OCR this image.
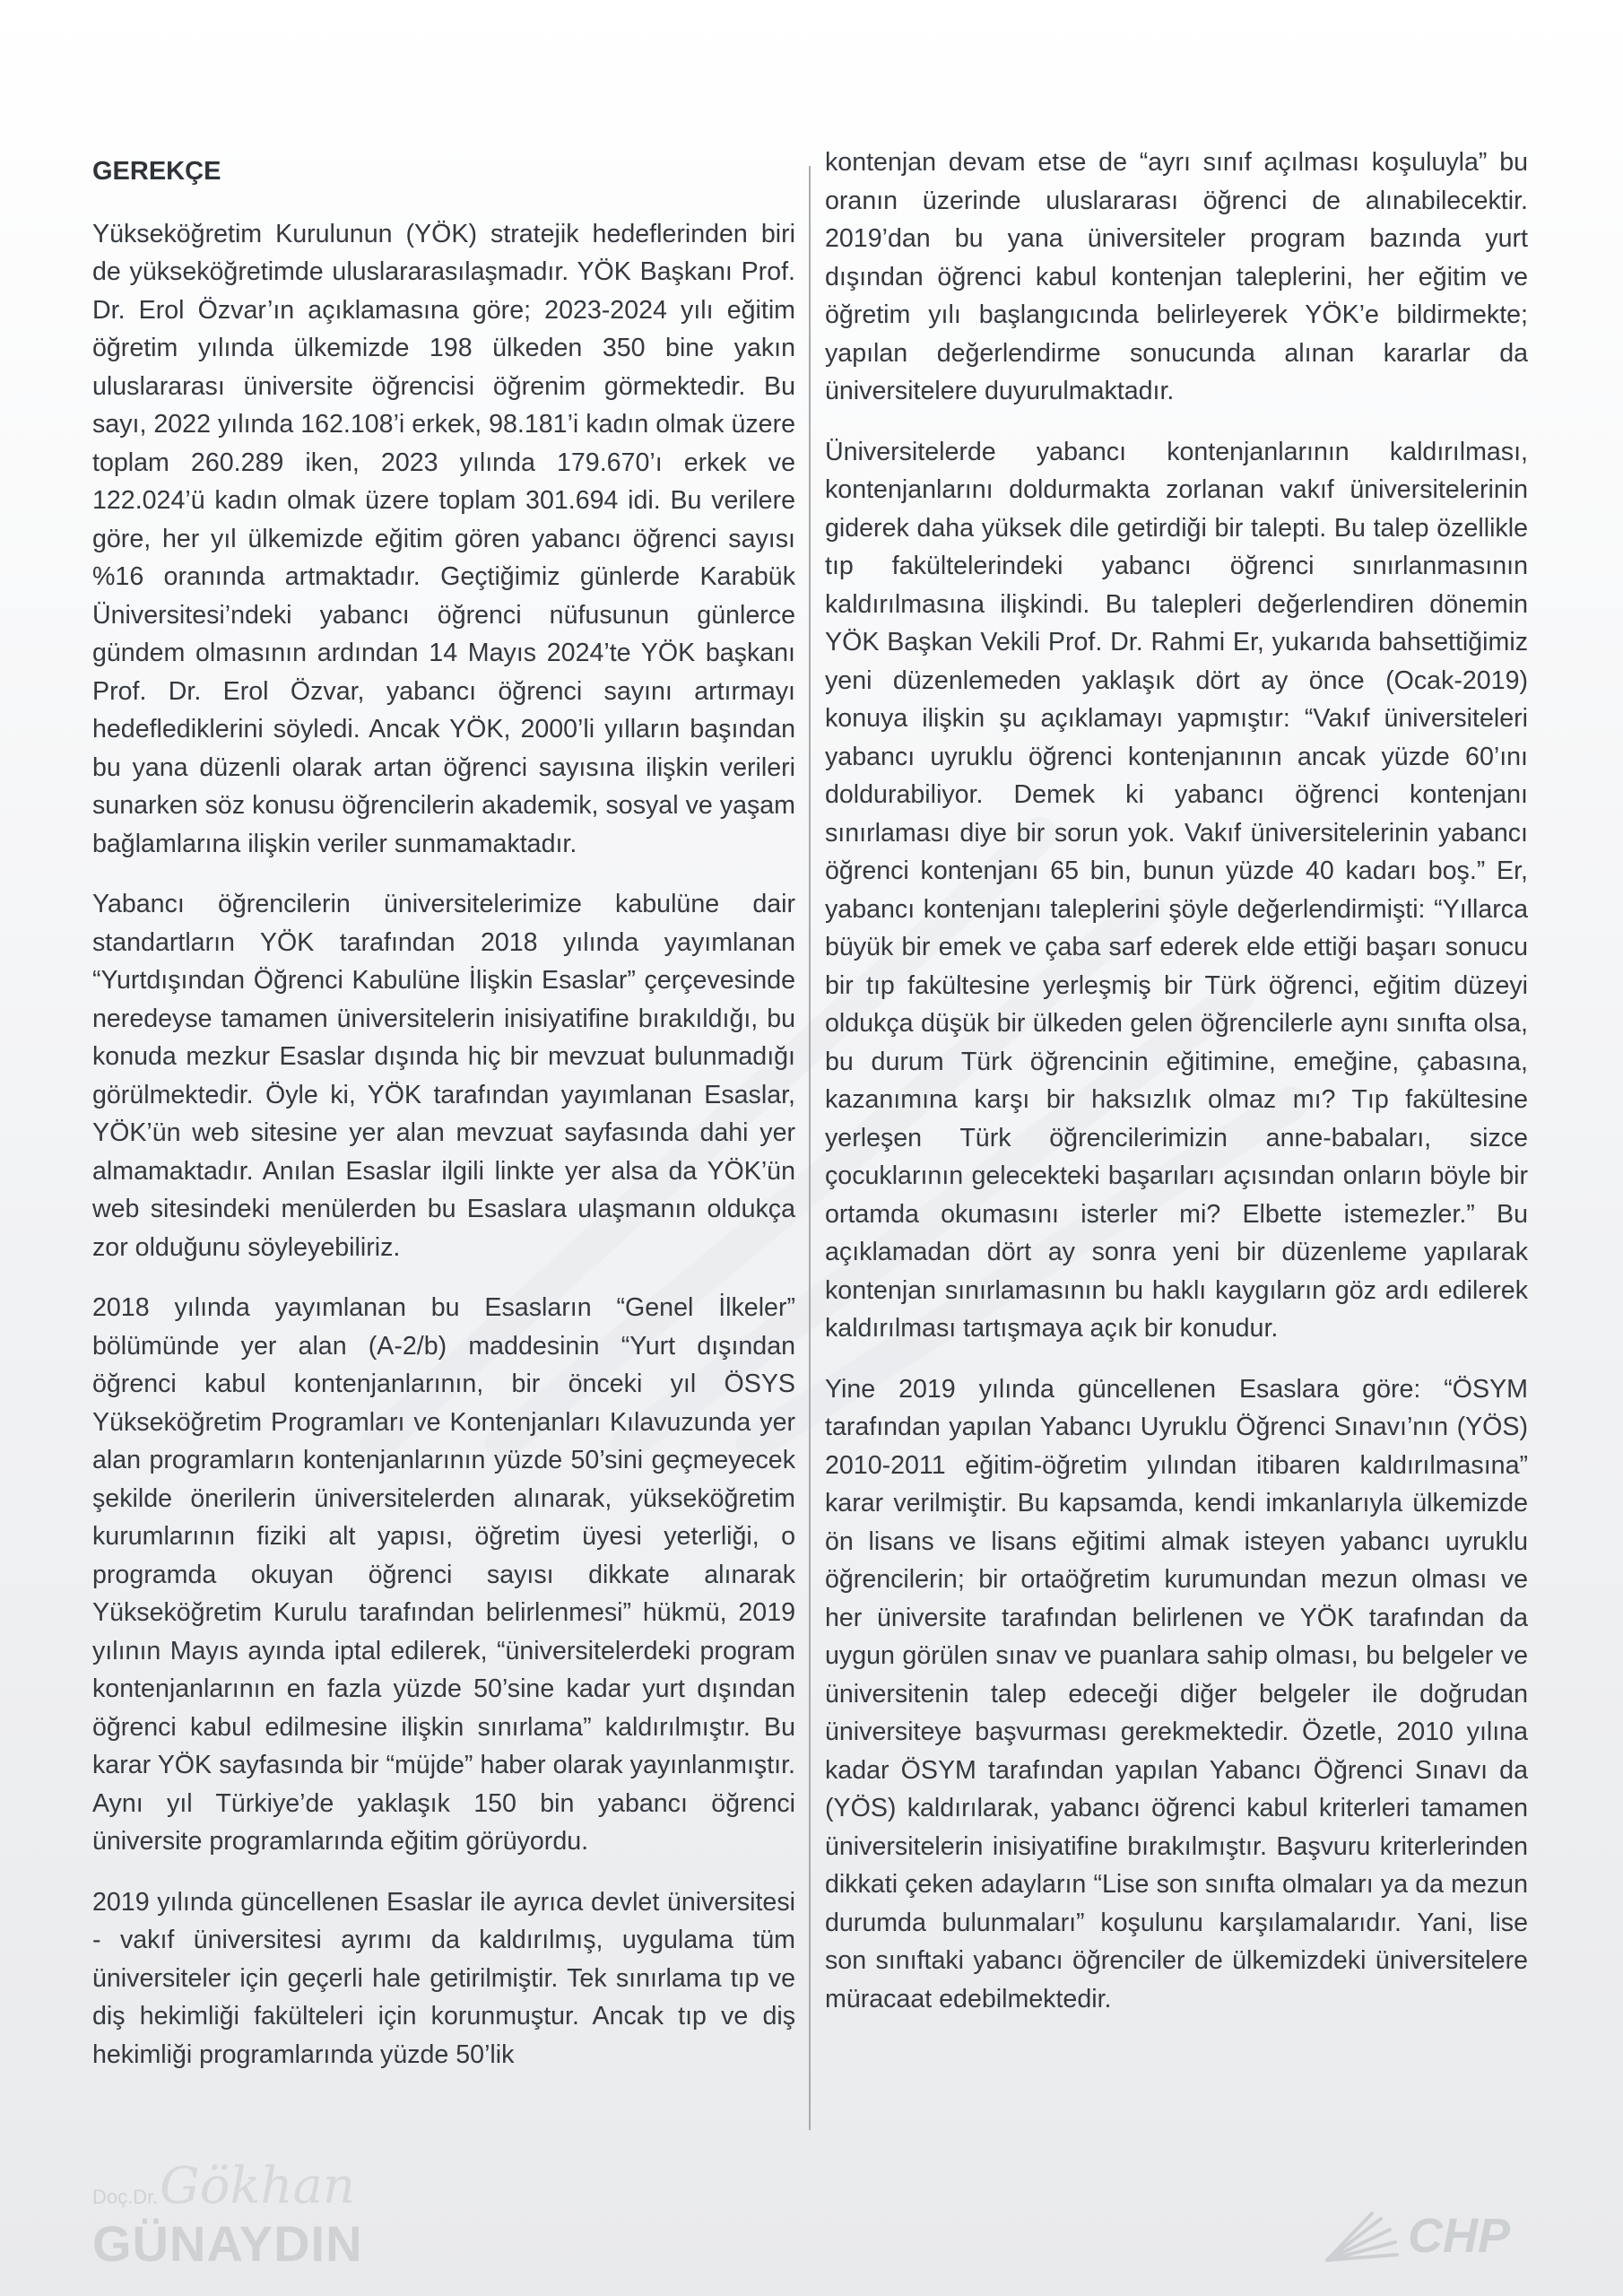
GEREKÇE

Yükseköğretim Kurulunun (YÖK) stratejik hedeflerinden biri de yükseköğretimde uluslararasılaşmadır. YÖK Başkanı Prof. Dr. Erol Özvar’ın açıklamasına göre; 2023-2024 yılı eğitim öğretim yılında ülkemizde 198 ülkeden 350 bine yakın uluslararası üniversite öğrencisi öğrenim görmektedir. Bu sayı, 2022 yılında 162.108’i erkek, 98.181’i kadın olmak üzere toplam 260.289 iken, 2023 yılında 179.670’ı erkek ve 122.024’ü kadın olmak üzere toplam 301.694 idi. Bu verilere göre, her yıl ülkemizde eğitim gören yabancı öğrenci sayısı %16 oranında artmaktadır. Geçtiğimiz günlerde Karabük Üniversitesi’ndeki yabancı öğrenci nüfusunun günlerce gündem olmasının ardından 14 Mayıs 2024’te YÖK başkanı Prof. Dr. Erol Özvar, yabancı öğrenci sayını artırmayı hedeflediklerini söyledi. Ancak YÖK, 2000’li yılların başından bu yana düzenli olarak artan öğrenci sayısına ilişkin verileri sunarken söz konusu öğrencilerin akademik, sosyal ve yaşam bağlamlarına ilişkin veriler sunmamaktadır.

Yabancı öğrencilerin üniversitelerimize kabulüne dair standartların YÖK tarafından 2018 yılında yayımlanan “Yurtdışından Öğrenci Kabulüne İlişkin Esaslar” çerçevesinde neredeyse tamamen üniversitelerin inisiyatifine bırakıldığı, bu konuda mezkur Esaslar dışında hiç bir mevzuat bulunmadığı görülmektedir. Öyle ki, YÖK tarafından yayımlanan Esaslar, YÖK’ün web sitesine yer alan mevzuat sayfasında dahi yer almamaktadır. Anılan Esaslar ilgili linkte yer alsa da YÖK’ün web sitesindeki menülerden bu Esaslara ulaşmanın oldukça zor olduğunu söyleyebiliriz.

2018 yılında yayımlanan bu Esasların “Genel İlkeler” bölümünde yer alan (A-2/b) maddesinin “Yurt dışından öğrenci kabul kontenjanlarının, bir önceki yıl ÖSYS Yükseköğretim Programları ve Kontenjanları Kılavuzunda yer alan programların kontenjanlarının yüzde 50’sini geçmeyecek şekilde önerilerin üniversitelerden alınarak, yükseköğretim kurumlarının fiziki alt yapısı, öğretim üyesi yeterliği, o programda okuyan öğrenci sayısı dikkate alınarak Yükseköğretim Kurulu tarafından belirlenmesi” hükmü, 2019 yılının Mayıs ayında iptal edilerek, “üniversitelerdeki program kontenjanlarının en fazla yüzde 50’sine kadar yurt dışından öğrenci kabul edilmesine ilişkin sınırlama” kaldırılmıştır. Bu karar YÖK sayfasında bir “müjde” haber olarak yayınlanmıştır. Aynı yıl Türkiye’de yaklaşık 150 bin yabancı öğrenci üniversite programlarında eğitim görüyordu.

2019 yılında güncellenen Esaslar ile ayrıca devlet üniversitesi - vakıf üniversitesi ayrımı da kaldırılmış, uygulama tüm üniversiteler için geçerli hale getirilmiştir. Tek sınırlama tıp ve diş hekimliği fakülteleri için korunmuştur. Ancak tıp ve diş hekimliği programlarında yüzde 50’lik

kontenjan devam etse de “ayrı sınıf açılması koşuluyla” bu oranın üzerinde uluslararası öğrenci de alınabilecektir. 2019’dan bu yana üniversiteler program bazında yurt dışından öğrenci kabul kontenjan taleplerini, her eğitim ve öğretim yılı başlangıcında belirleyerek YÖK’e bildirmekte; yapılan değerlendirme sonucunda alınan kararlar da üniversitelere duyurulmaktadır.

Üniversitelerde yabancı kontenjanlarının kaldırılması, kontenjanlarını doldurmakta zorlanan vakıf üniversitelerinin giderek daha yüksek dile getirdiği bir talepti. Bu talep özellikle tıp fakültelerindeki yabancı öğrenci sınırlanmasının kaldırılmasına ilişkindi. Bu talepleri değerlendiren dönemin YÖK Başkan Vekili Prof. Dr. Rahmi Er, yukarıda bahsettiğimiz yeni düzenlemeden yaklaşık dört ay önce (Ocak-2019) konuya ilişkin şu açıklamayı yapmıştır: “Vakıf üniversiteleri yabancı uyruklu öğrenci kontenjanının ancak yüzde 60’ını doldurabiliyor. Demek ki yabancı öğrenci kontenjanı sınırlaması diye bir sorun yok. Vakıf üniversitelerinin yabancı öğrenci kontenjanı 65 bin, bunun yüzde 40 kadarı boş.” Er, yabancı kontenjanı taleplerini şöyle değerlendirmişti: “Yıllarca büyük bir emek ve çaba sarf ederek elde ettiği başarı sonucu bir tıp fakültesine yerleşmiş bir Türk öğrenci, eğitim düzeyi oldukça düşük bir ülkeden gelen öğrencilerle aynı sınıfta olsa, bu durum Türk öğrencinin eğitimine, emeğine, çabasına, kazanımına karşı bir haksızlık olmaz mı? Tıp fakültesine yerleşen Türk öğrencilerimizin anne-babaları, sizce çocuklarının gelecekteki başarıları açısından onların böyle bir ortamda okumasını isterler mi? Elbette istemezler.” Bu açıklamadan dört ay sonra yeni bir düzenleme yapılarak kontenjan sınırlamasının bu haklı kaygıların göz ardı edilerek kaldırılması tartışmaya açık bir konudur.

Yine 2019 yılında güncellenen Esaslara göre: “ÖSYM tarafından yapılan Yabancı Uyruklu Öğrenci Sınavı’nın (YÖS) 2010-2011 eğitim-öğretim yılından itibaren kaldırılmasına” karar verilmiştir. Bu kapsamda, kendi imkanlarıyla ülkemizde ön lisans ve lisans eğitimi almak isteyen yabancı uyruklu öğrencilerin; bir ortaöğretim kurumundan mezun olması ve her üniversite tarafından belirlenen ve YÖK tarafından da uygun görülen sınav ve puanlara sahip olması, bu belgeler ve üniversitenin talep edeceği diğer belgeler ile doğrudan üniversiteye başvurması gerekmektedir. Özetle, 2010 yılına kadar ÖSYM tarafından yapılan Yabancı Öğrenci Sınavı da (YÖS) kaldırılarak, yabancı öğrenci kabul kriterleri tamamen üniversitelerin inisiyatifine bırakılmıştır. Başvuru kriterlerinden dikkati çeken adayların “Lise son sınıfta olmaları ya da mezun durumda bulunmaları” koşulunu karşılamalarıdır. Yani, lise son sınıftaki yabancı öğrenciler de ülkemizdeki üniversitelere müracaat edebilmektedir.

Doç.Dr. Gökhan
GÜNAYDIN	CHP
